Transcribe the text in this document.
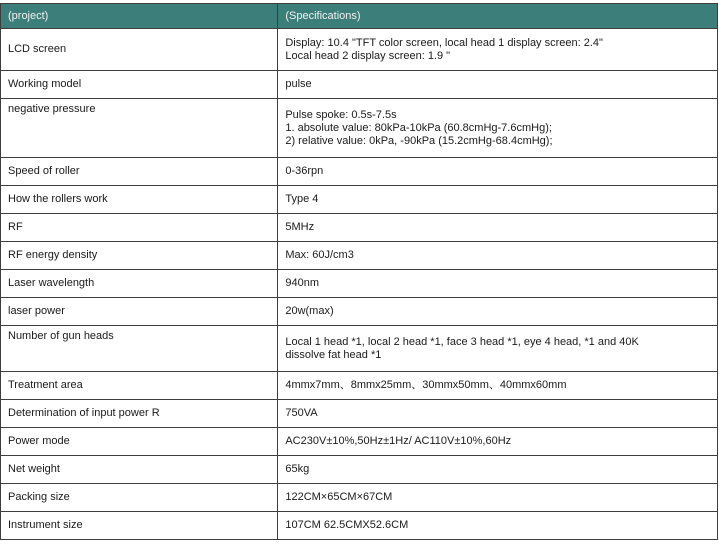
(project)	(Specifications)
LCD screen	Display: 10.4 "TFT color screen, local head 1 display screen: 2.4"
Local head 2 display screen: 1.9 "

Working model	pulse
negative pressure	Pulse spoke: 0.5s-7.5s
1. absolute value: 80kPa-10kPa (60.8cmHg-7.6cmHg);
2) relative value: 0kPa, -90kPa (15.2cmHg-68.4cmHg);

Speed of roller	0-36rpn
How the rollers work	Type 4
RF	5MHz
RF energy density	Max: 60J/cm3
Laser wavelength	940nm
laser power	20w(max)
Number of gun heads	Local 1 head *1, local 2 head *1, face 3 head *1, eye 4 head, *1 and 40K
dissolve fat head *1

Treatment area	4mmx7mm、8mmx25mm、30mmx50mm、40mmx60mm
Determination of input power R	750VA
Power mode	AC230V±10%,50Hz±1Hz/ AC110V±10%,60Hz
Net weight	65kg
Packing size	122CM×65CM×67CM
Instrument size	107CM 62.5CMX52.6CM
